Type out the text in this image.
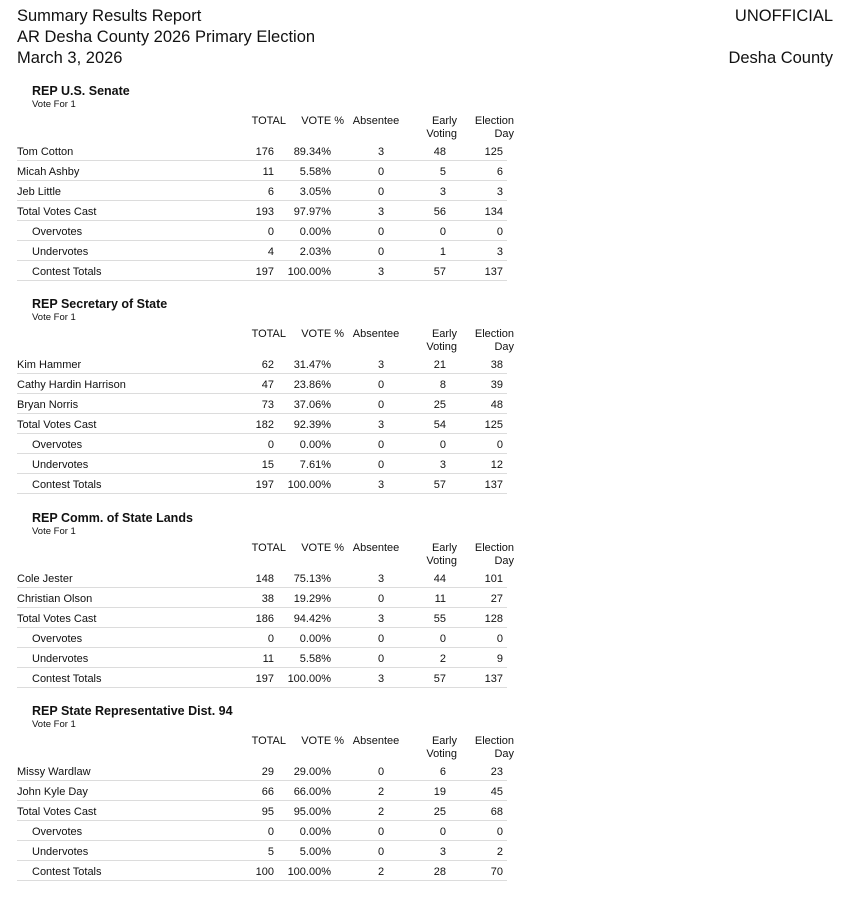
Summary Results Report
AR Desha County 2026 Primary Election
March 3, 2026
UNOFFICIAL
Desha County
REP U.S. Senate
Vote For 1
TOTAL	VOTE % Absentee	Early
Voting
Election
Day
Tom Cotton	176	89.34%	3	48	125
Micah Ashby	11	5.58%	0	5	6
Jeb Little	6	3.05%	0	3	3
Total Votes Cast	193	97.97%	3	56	134
Overvotes	0	0.00%	0	0	0
Undervotes	4	2.03%	0	1	3
Contest Totals	197	100.00%	3	57	137
REP Secretary of State
Vote For 1
TOTAL	VOTE % Absentee	Early
Voting
Election
Day
Kim Hammer	62	31.47%	3	21	38
Cathy Hardin Harrison	47	23.86%	0	8	39
Bryan Norris	73	37.06%	0	25	48
Total Votes Cast	182	92.39%	3	54	125
Overvotes	0	0.00%	0	0	0
Undervotes	15	7.61%	0	3	12
Contest Totals	197	100.00%	3	57	137
REP Comm. of State Lands
Vote For 1
TOTAL	VOTE % Absentee	Early
Voting
Election
Day
Cole Jester	148	75.13%	3	44	101
Christian Olson	38	19.29%	0	11	27
Total Votes Cast	186	94.42%	3	55	128
Overvotes	0	0.00%	0	0	0
Undervotes	11	5.58%	0	2	9
Contest Totals	197	100.00%	3	57	137
REP State Representative Dist. 94
Vote For 1
TOTAL	VOTE % Absentee	Early
Voting
Election
Day
Missy Wardlaw	29	29.00%	0	6	23
John Kyle Day	66	66.00%	2	19	45
Total Votes Cast	95	95.00%	2	25	68
Overvotes	0	0.00%	0	0	0
Undervotes	5	5.00%	0	3	2
Contest Totals	100	100.00%	2	28	70
